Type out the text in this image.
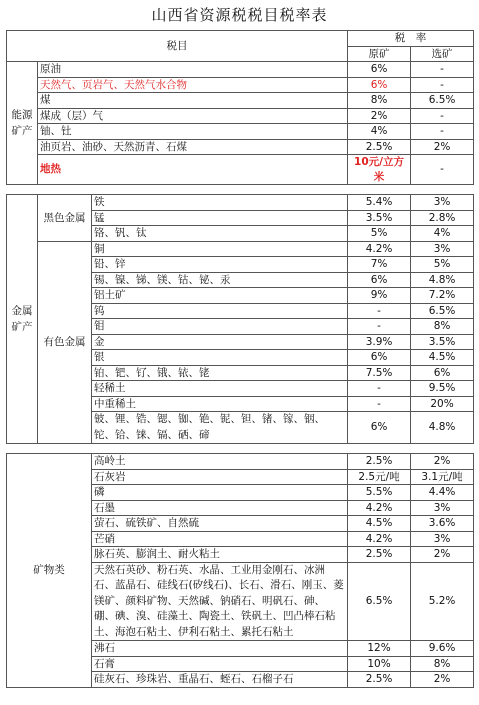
山西省资源税税目税率表
税目			税　率	
			原矿	选矿
能源
矿产	原油		6%	-
	天然气、页岩气、天然气水合物		6%	-
	煤		8%	6.5%
	煤成（层）气		2%	-
	铀、钍		4%	-
	油页岩、油砂、天然沥青、石煤		2.5%	2%
	地热		10元/立方米	-

金属
矿产	黑色金属	铁	5.4%	3%
		锰	3.5%	2.8%
		铬、钒、钛	5%	4%
	有色金属	铜	4.2%	3%
		铅、锌	7%	5%
		锡、镍、锑、镁、钴、铋、汞	6%	4.8%
		铝土矿	9%	7.2%
		钨	-	6.5%
		钼	-	8%
		金	3.9%	3.5%
		银	6%	4.5%
		铂、钯、钌、锇、铱、铑	7.5%	6%
		轻稀土	-	9.5%
		中重稀土	-	20%
		铍、锂、锆、锶、铷、铯、铌、钽、锗、镓、铟、铊、铪、铼、镉、硒、碲	6%	4.8%

矿物类		高岭土	2.5%	2%
		石灰岩	2.5元/吨	3.1元/吨
		磷	5.5%	4.4%
		石墨	4.2%	3%
		萤石、硫铁矿、自然硫	4.5%	3.6%
		芒硝	4.2%	3%
		脉石英、膨润土、耐火粘土	2.5%	2%
		天然石英砂、粉石英、水晶、工业用金刚石、冰洲石、蓝晶石、硅线石(矽线石)、长石、滑石、刚玉、菱镁矿、颜料矿物、天然碱、钠硝石、明矾石、砷、硼、碘、溴、硅藻土、陶瓷土、铁矾土、凹凸棒石粘土、海泡石粘土、伊利石粘土、累托石粘土	6.5%	5.2%
		沸石	12%	9.6%
		石膏	10%	8%
		硅灰石、珍珠岩、重晶石、蛭石、石榴子石	2.5%	2%
